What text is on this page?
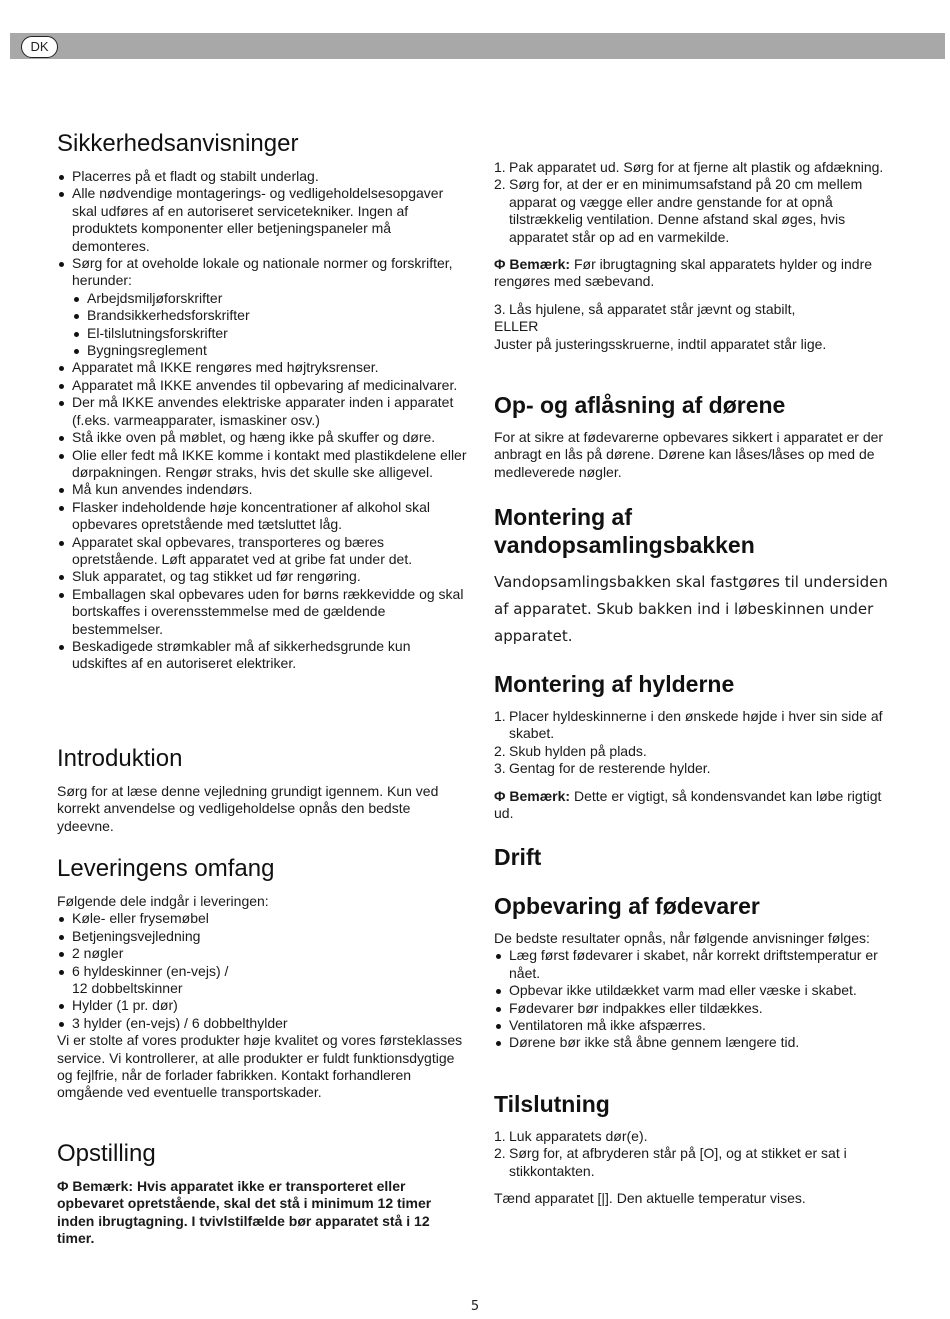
DK
Sikkerhedsanvisninger
Placerres på et fladt og stabilt underlag.
Alle nødvendige montagerings- og vedligeholdelsesopgaver skal udføres af en autoriseret servicetekniker. Ingen af produktets komponenter eller betjeningspaneler må demonteres.
Sørg for at oveholde lokale og nationale normer og forskrifter, herunder:
Arbejdsmiljøforskrifter
Brandsikkerhedsforskrifter
El-tilslutningsforskrifter
Bygningsreglement
Apparatet må IKKE rengøres med højtryksrenser.
Apparatet må IKKE anvendes til opbevaring af medicinalvarer.
Der må IKKE anvendes elektriske apparater inden i apparatet (f.eks. varmeapparater, ismaskiner osv.)
Stå ikke oven på møblet, og hæng ikke på skuffer og døre.
Olie eller fedt må IKKE komme i kontakt med plastikdelene eller dørpakningen. Rengør straks, hvis det skulle ske alligevel.
Må kun anvendes indendørs.
Flasker indeholdende høje koncentrationer af alkohol skal opbevares opretstående med tætsluttet låg.
Apparatet skal opbevares, transporteres og bæres opretstående. Løft apparatet ved at gribe fat under det.
Sluk apparatet, og tag stikket ud før rengøring.
Emballagen skal opbevares uden for børns rækkevidde og skal bortskaffes i overensstemmelse med de gældende bestemmelser.
Beskadigede strømkabler må af sikkerhedsgrunde kun udskiftes af en autoriseret elektriker.
Introduktion

Sørg for at læse denne vejledning grundigt igennem. Kun ved korrekt anvendelse og vedligeholdelse opnås den bedste ydeevne.

Leveringens omfang

Følgende dele indgår i leveringen:

Køle- eller frysemøbel
Betjeningsvejledning
2 nøgler
6 hyldeskinner (en-vejs) /
12 dobbeltskinner
Hylder (1 pr. dør)
3 hylder (en-vejs) / 6 dobbelthylder

Vi er stolte af vores produkter høje kvalitet og vores førsteklasses service. Vi kontrollerer, at alle produkter er fuldt funktionsdygtige og fejlfrie, når de forlader fabrikken. Kontakt forhandleren omgående ved eventuelle transportskader.

Opstilling

Φ Bemærk: Hvis apparatet ikke er transporteret eller opbevaret opretstående, skal det stå i minimum 12 timer inden ibrugtagning. I tvivlstilfælde bør apparatet stå i 12 timer.

1. Pak apparatet ud. Sørg for at fjerne alt plastik og afdækning.
2. Sørg for, at der er en minimumsafstand på 20 cm mellem apparat og vægge eller andre genstande for at opnå tilstrækkelig ventilation. Denne afstand skal øges, hvis apparatet står op ad en varmekilde.

Φ Bemærk: Før ibrugtagning skal apparatets hylder og indre rengøres med sæbevand.

3. Lås hjulene, så apparatet står jævnt og stabilt,

ELLER

Juster på justeringsskruerne, indtil apparatet står lige.

Op- og aflåsning af dørene

For at sikre at fødevarerne opbevares sikkert i apparatet er der anbragt en lås på dørene. Dørene kan låses/låses op med de medleverede nøgler.

Montering af vandopsamlingsbakken

Vandopsamlingsbakken skal fastgøres til undersiden af apparatet. Skub bakken ind i løbeskinnen under apparatet.

Montering af hylderne
1. Placer hyldeskinnerne i den ønskede højde i hver sin side af skabet.
2. Skub hylden på plads.
3. Gentag for de resterende hylder.

Φ Bemærk: Dette er vigtigt, så kondensvandet kan løbe rigtigt ud.

Drift
Opbevaring af fødevarer

De bedste resultater opnås, når følgende anvisninger følges:

Læg først fødevarer i skabet, når korrekt driftstemperatur er nået.
Opbevar ikke utildækket varm mad eller væske i skabet.
Fødevarer bør indpakkes eller tildækkes.
Ventilatoren må ikke afspærres.
Dørene bør ikke stå åbne gennem længere tid.
Tilslutning
1. Luk apparatets dør(e).
2. Sørg for, at afbryderen står på [O], og at stikket er sat i stikkontakten.

Tænd apparatet [|]. Den aktuelle temperatur vises.

5
